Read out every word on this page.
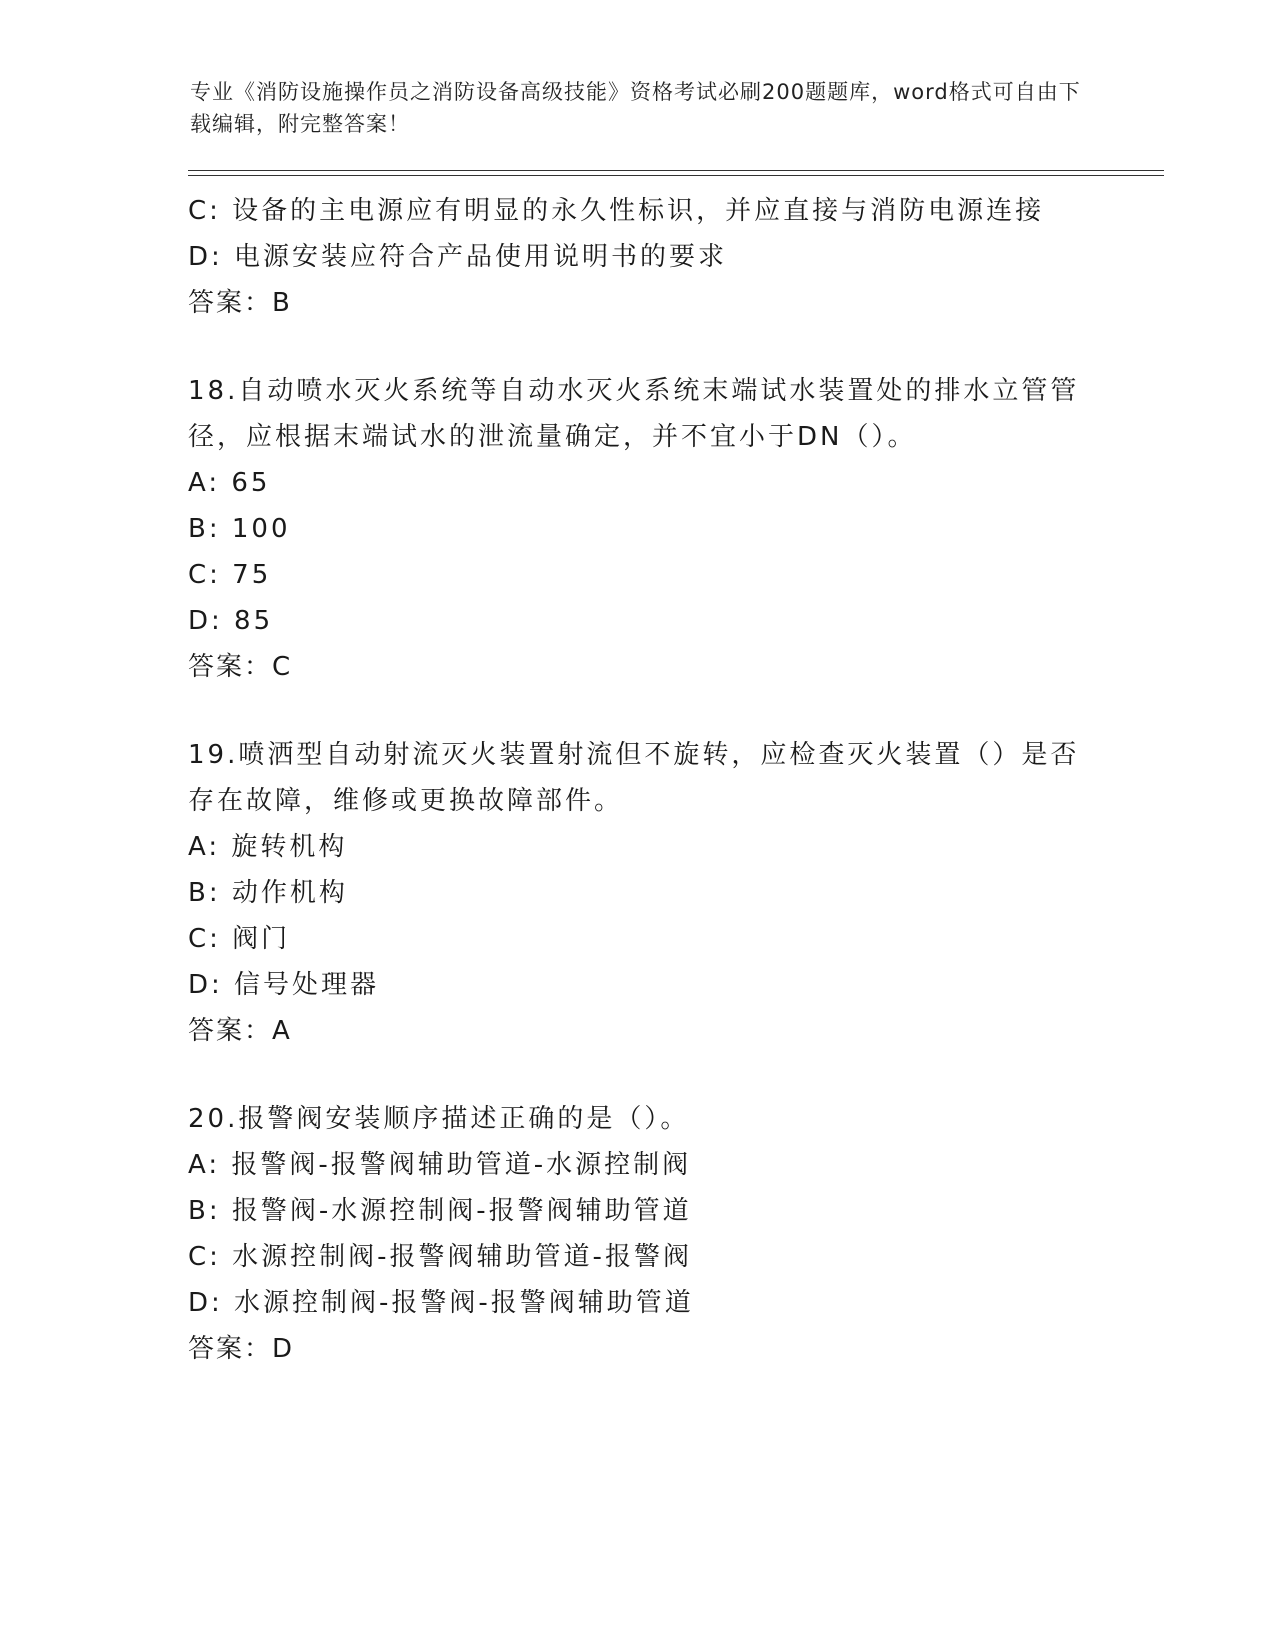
专业《消防设施操作员之消防设备高级技能》资格考试必刷200题题库，word格式可自由下载编辑，附完整答案！
C: 设备的主电源应有明显的永久性标识，并应直接与消防电源连接
D: 电源安装应符合产品使用说明书的要求
答案：B
18.自动喷水灭火系统等自动水灭火系统末端试水装置处的排水立管管径，应根据末端试水的泄流量确定，并不宜小于DN（）。
A: 65
B: 100
C: 75
D: 85
答案：C
19.喷洒型自动射流灭火装置射流但不旋转，应检查灭火装置（）是否存在故障，维修或更换故障部件。
A: 旋转机构
B: 动作机构
C: 阀门
D: 信号处理器
答案：A
20.报警阀安装顺序描述正确的是（）。
A: 报警阀-报警阀辅助管道-水源控制阀
B: 报警阀-水源控制阀-报警阀辅助管道
C: 水源控制阀-报警阀辅助管道-报警阀
D: 水源控制阀-报警阀-报警阀辅助管道
答案：D
